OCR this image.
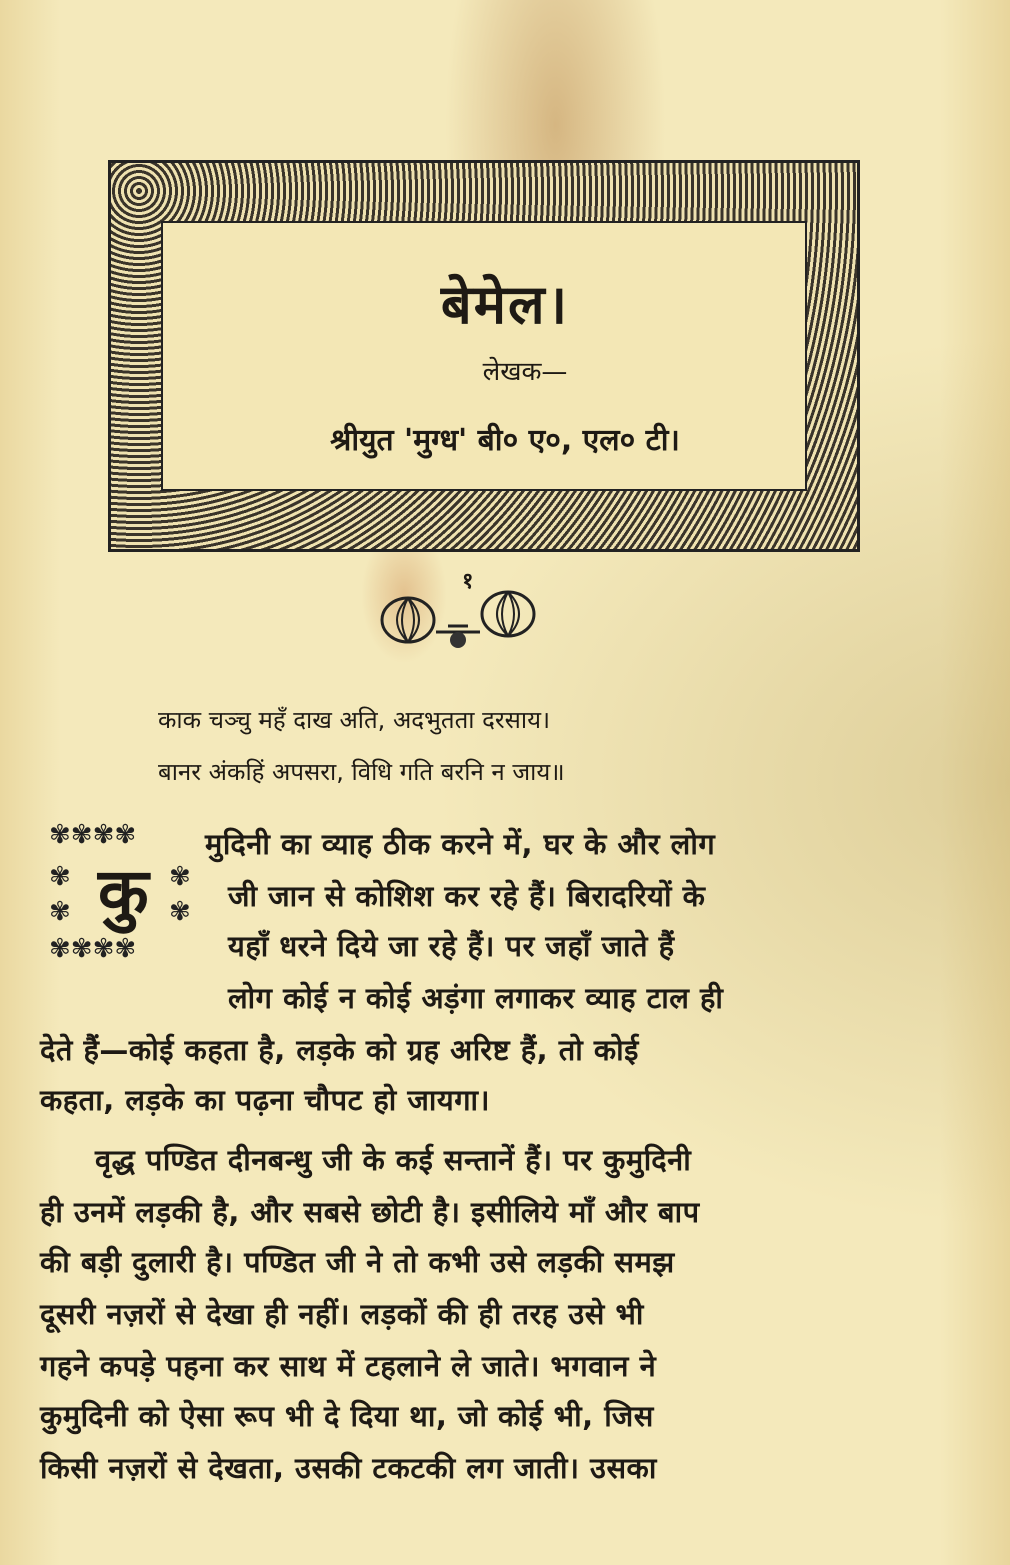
बेमेल।
लेखक—
श्रीयुत 'मुग्ध' बी० ए०, एल० टी।
१
काक चञ्चु महँ दाख अति, अदभुतता दरसाय।
बानर अंकहिं अपसरा, विधि गति बरनि न जाय॥
✾✾✾✾
✾✾✾✾
✾
✾
✾
✾
कु
मुदिनी का व्याह ठीक करने में, घर के और लोग
जी जान से कोशिश कर रहे हैं। बिरादरियों के
यहाँ धरने दिये जा रहे हैं। पर जहाँ जाते हैं
लोग कोई न कोई अड़ंगा लगाकर व्याह टाल ही
देते हैं—कोई कहता है, लड़के को ग्रह अरिष्ट हैं, तो कोई
कहता, लड़के का पढ़ना चौपट हो जायगा।
वृद्ध पण्डित दीनबन्धु जी के कई सन्तानें हैं। पर कुमुदिनी
ही उनमें लड़की है, और सबसे छोटी है। इसीलिये माँ और बाप
की बड़ी दुलारी है। पण्डित जी ने तो कभी उसे लड़की समझ
दूसरी नज़रों से देखा ही नहीं। लड़कों की ही तरह उसे भी
गहने कपड़े पहना कर साथ में टहलाने ले जाते। भगवान ने
कुमुदिनी को ऐसा रूप भी दे दिया था, जो कोई भी, जिस
किसी नज़रों से देखता, उसकी टकटकी लग जाती। उसका
